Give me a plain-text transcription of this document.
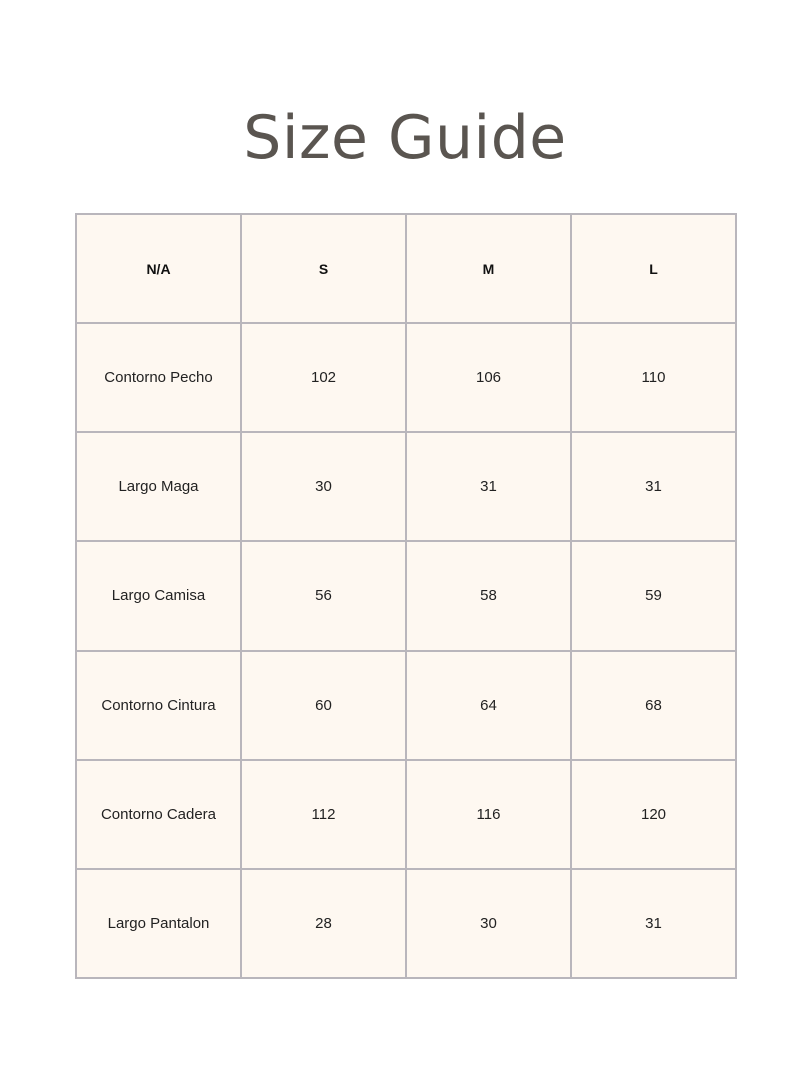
Size Guide
N/A	S	M	L
Contorno Pecho	102	106	110
Largo Maga	30	31	31
Largo Camisa	56	58	59
Contorno Cintura	60	64	68
Contorno Cadera	112	116	120
Largo Pantalon	28	30	31
